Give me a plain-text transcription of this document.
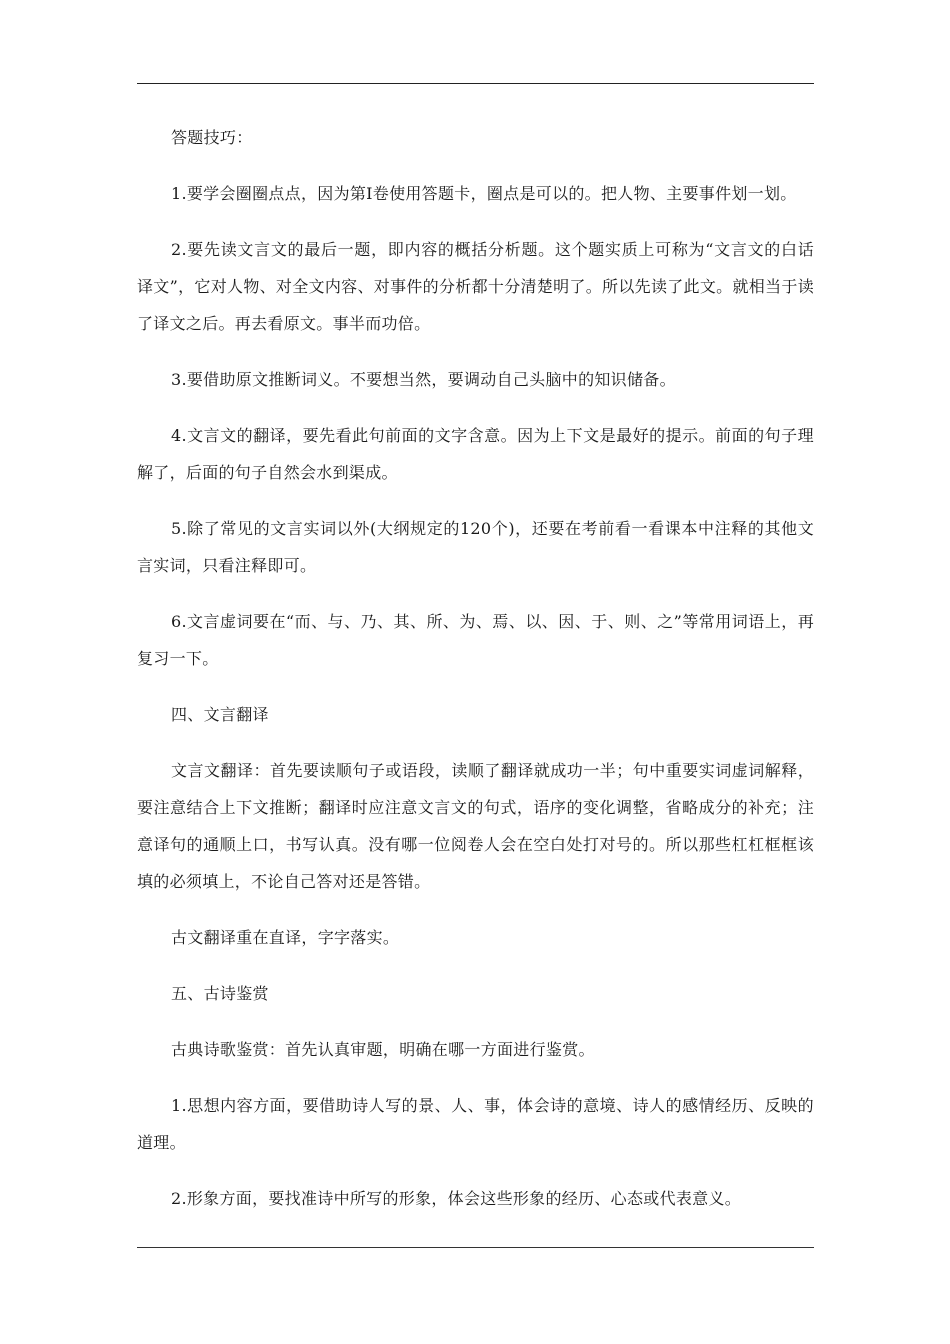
答题技巧：
1.要学会圈圈点点，因为第I卷使用答题卡，圈点是可以的。把人物、主要事件划一划。
2.要先读文言文的最后一题，即内容的概括分析题。这个题实质上可称为“文言文的白话译文”，它对人物、对全文内容、对事件的分析都十分清楚明了。所以先读了此文。就相当于读了译文之后。再去看原文。事半而功倍。
3.要借助原文推断词义。不要想当然，要调动自己头脑中的知识储备。
4.文言文的翻译，要先看此句前面的文字含意。因为上下文是最好的提示。前面的句子理解了，后面的句子自然会水到渠成。
5.除了常见的文言实词以外(大纲规定的120个)，还要在考前看一看课本中注释的其他文言实词，只看注释即可。
6.文言虚词要在“而、与、乃、其、所、为、焉、以、因、于、则、之”等常用词语上，再复习一下。
四、文言翻译
文言文翻译：首先要读顺句子或语段，读顺了翻译就成功一半；句中重要实词虚词解释，要注意结合上下文推断；翻译时应注意文言文的句式，语序的变化调整，省略成分的补充；注意译句的通顺上口，书写认真。没有哪一位阅卷人会在空白处打对号的。所以那些杠杠框框该填的必须填上，不论自己答对还是答错。
古文翻译重在直译，字字落实。
五、古诗鉴赏
古典诗歌鉴赏：首先认真审题，明确在哪一方面进行鉴赏。
1.思想内容方面，要借助诗人写的景、人、事，体会诗的意境、诗人的感情经历、反映的道理。
2.形象方面，要找准诗中所写的形象，体会这些形象的经历、心态或代表意义。
